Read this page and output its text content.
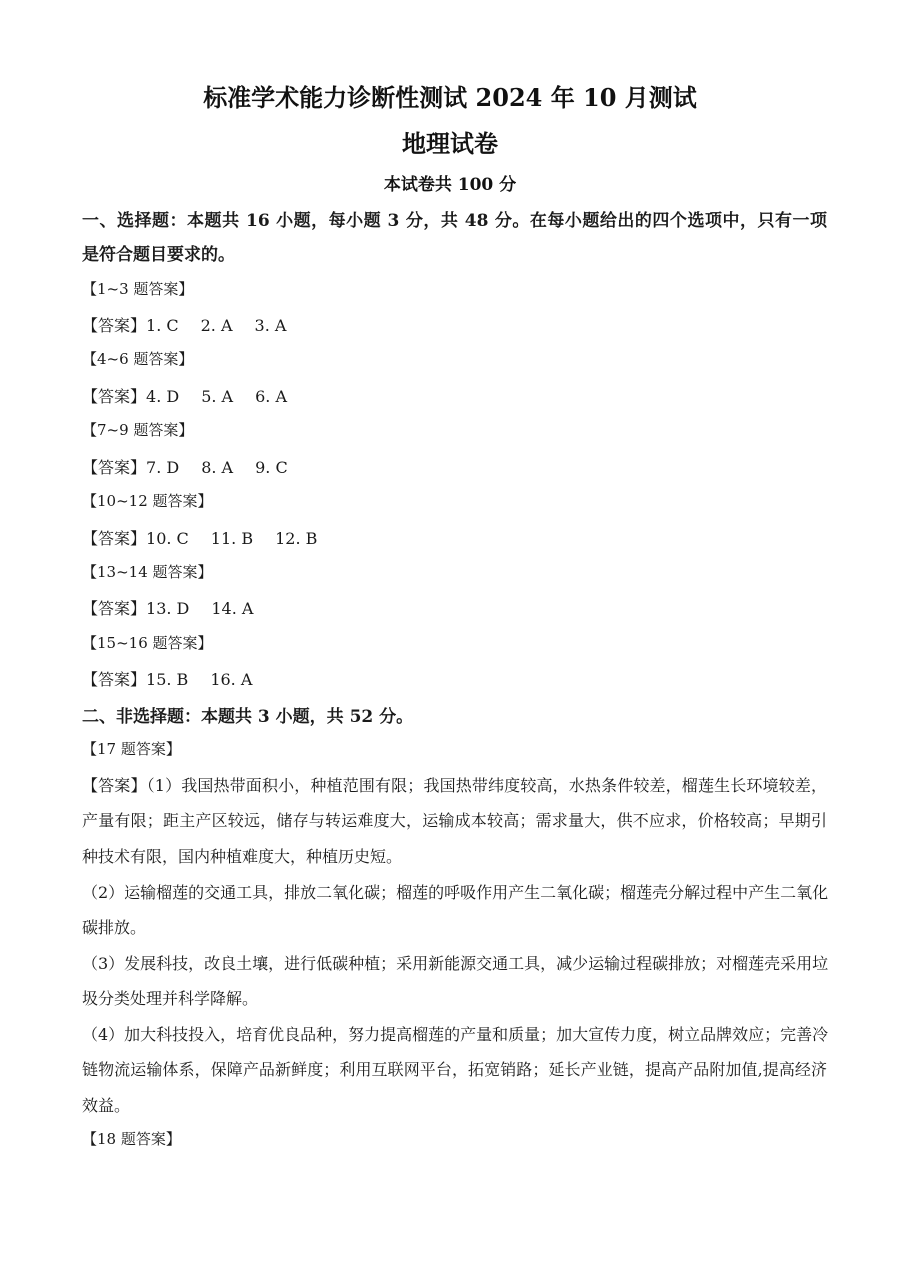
标准学术能力诊断性测试 2024 年 10 月测试
地理试卷
本试卷共 100 分
一、选择题：本题共 16 小题，每小题 3 分，共 48 分。在每小题给出的四个选项中，只有一项
是符合题目要求的。
【1~3 题答案】
【答案】1. C 2. A 3. A
【4~6 题答案】
【答案】4. D 5. A 6. A
【7~9 题答案】
【答案】7. D 8. A 9. C
【10~12 题答案】
【答案】10. C 11. B 12. B
【13~14 题答案】
【答案】13. D 14. A
【15~16 题答案】
【答案】15. B 16. A
二、非选择题：本题共 3 小题，共 52 分。
【17 题答案】
【答案】（1）我国热带面积小，种植范围有限；我国热带纬度较高，水热条件较差，榴莲生长环境较差，
产量有限；距主产区较远，储存与转运难度大，运输成本较高；需求量大，供不应求，价格较高；早期引
种技术有限，国内种植难度大，种植历史短。
（2）运输榴莲的交通工具，排放二氧化碳；榴莲的呼吸作用产生二氧化碳；榴莲壳分解过程中产生二氧化
碳排放。
（3）发展科技，改良土壤，进行低碳种植；采用新能源交通工具，减少运输过程碳排放；对榴莲壳采用垃
圾分类处理并科学降解。
（4）加大科技投入，培育优良品种，努力提高榴莲的产量和质量；加大宣传力度，树立品牌效应；完善冷
链物流运输体系，保障产品新鲜度；利用互联网平台，拓宽销路；延长产业链，提高产品附加值,提高经济
效益。
【18 题答案】
